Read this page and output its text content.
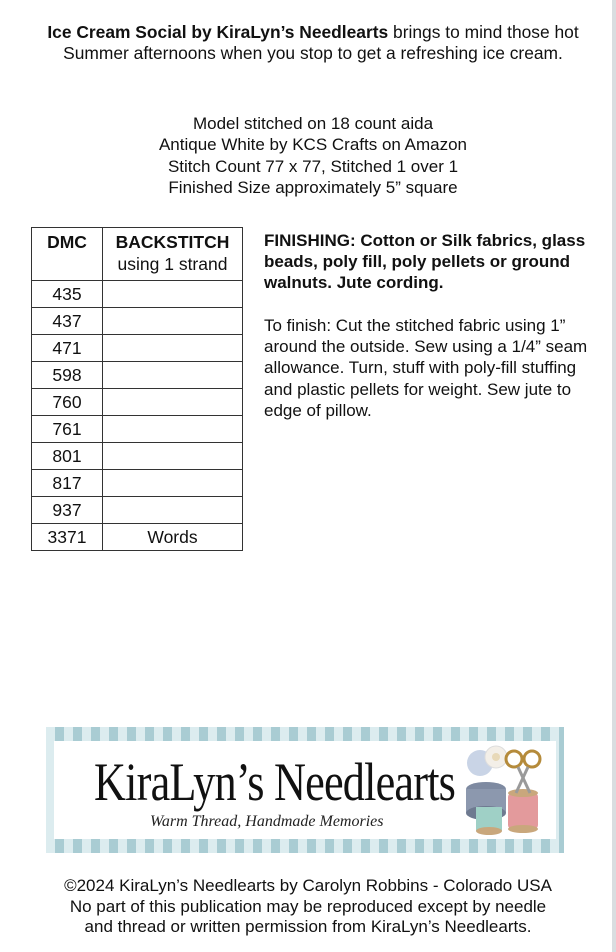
Ice Cream Social by KiraLyn’s Needlearts brings to mind those hot Summer afternoons when you stop to get a refreshing ice cream.
Model stitched on 18 count aida
Antique White by KCS Crafts on Amazon
Stitch Count 77 x 77, Stitched 1 over 1
Finished Size approximately 5” square
DMC	BACKSTITCH
using 1 strand

435	
437	
471	
598	
760	
761	
801	
817	
937	
3371	Words
FINISHING: Cotton or Silk fabrics, glass beads, poly fill, poly pellets or ground walnuts. Jute cording.
To finish: Cut the stitched fabric using 1” around the outside. Sew using a 1/4” seam allowance. Turn, stuff with poly-fill stuffing and plastic pellets for weight. Sew jute to edge of pillow.
KiraLyn’s Needlearts
Warm Thread, Handmade Memories
©2024 KiraLyn’s Needlearts by Carolyn Robbins - Colorado USA
No part of this publication may be reproduced except by needle
and thread or written permission from KiraLyn’s Needlearts.
